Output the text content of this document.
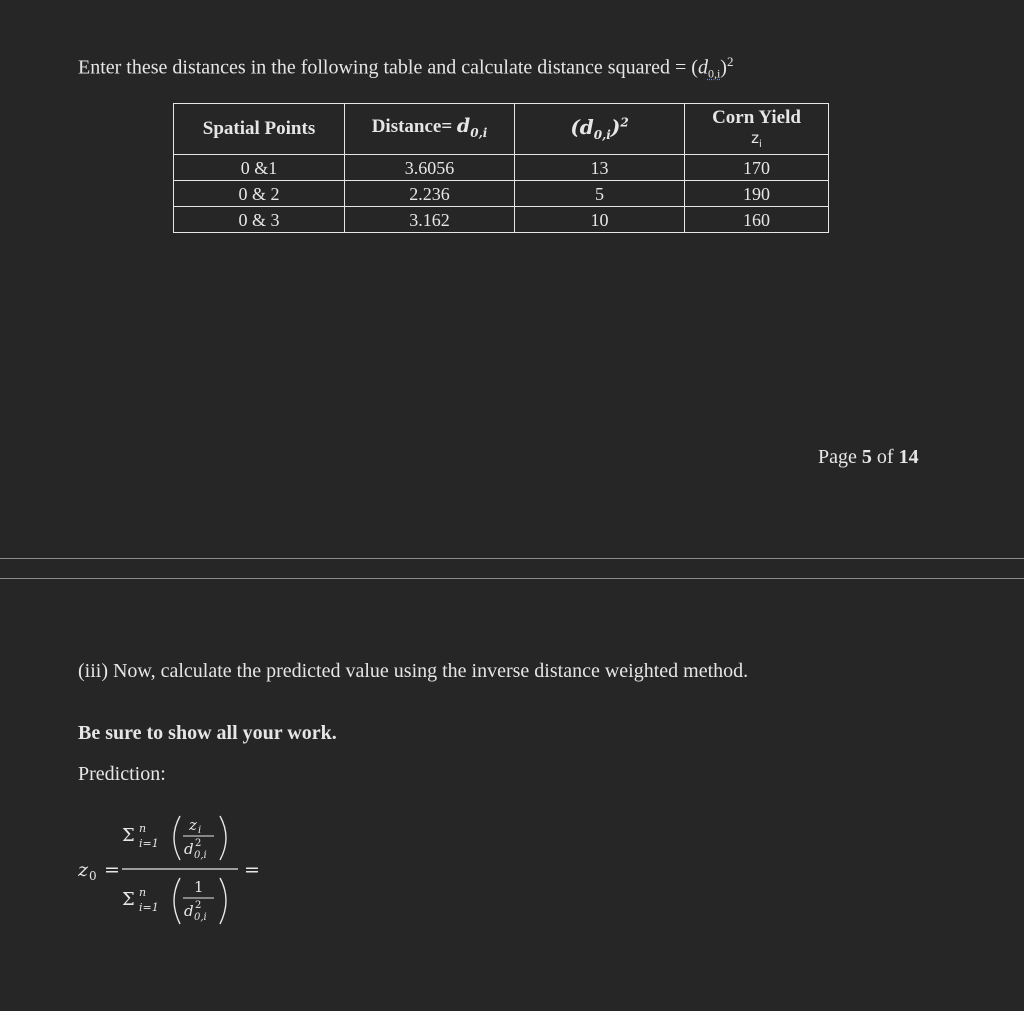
Enter these distances in the following table and calculate distance squared = $(d_{0,i})^2$
Spatial Points	Distance= $d_{0,i}$	$(d_{0,i})^2$	Corn Yield
$z_i$

0 &1	3.6056	13	170
0 & 2	2.236	5	190
0 & 3	3.162	10	160
Page 5 of 14
(iii) Now, calculate the predicted value using the inverse distance weighted method.
Be sure to show all your work.
Prediction:
z 0 =
Σ n
i=1
z i
d 2
0,i
Σ n
i=1
1
d 2
0,i
=
